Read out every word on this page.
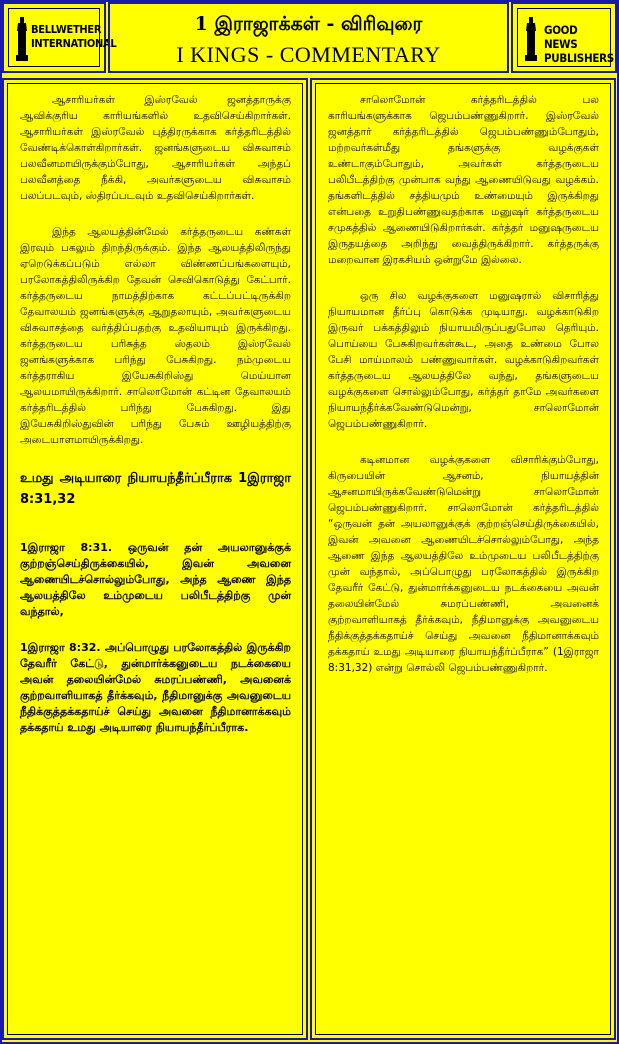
BELLWETHER
INTERNATIONAL
1 இராஜாக்கள் - விரிவுரை
I KINGS - COMMENTARY
GOOD NEWS
PUBLISHERS

ஆசாரியர்கள் இஸ்ரவேல் ஜனத்தாருக்கு ஆவிக்குரிய காரியங்களில் உதவிசெய்கிறார்கள். ஆசாரியர்கள் இஸ்ரவேல் புத்திரருக்காக கர்த்தரிடத்தில் வேண்டிக்கொள்கிறார்கள். ஜனங்களுடைய விசுவாசம் பலவீனமாயிருக்கும்போது, ஆசாரியர்கள் அந்தப் பலவீனத்தை நீக்கி, அவர்களுடைய விசுவாசம் பலப்படவும், ஸ்திரப்படவும் உதவிசெய்கிறார்கள்.

இந்த ஆலயத்தின்மேல் கர்த்தருடைய கண்கள் இரவும் பகலும் திறந்திருக்கும். இந்த ஆலயத்திலிருந்து ஏறெடுக்கப்படும் எல்லா விண்ணப்பங்களையும், பரலோகத்திலிருக்கிற தேவன் செவிகொடுத்து கேட்பார். கர்த்தருடைய நாமத்திற்காக கட்டப்பட்டிருக்கிற தேவாலயம் ஜனங்களுக்கு ஆறுதலாயும், அவர்களுடைய விசுவாசத்தை வர்த்திப்பதற்கு உதவியாயும் இருக்கிறது. கர்த்தருடைய பரிசுத்த ஸ்தலம் இஸ்ரவேல் ஜனங்களுக்காக பரிந்து பேசுகிறது. நம்முடைய கர்த்தராகிய இயேசுகிறிஸ்து மெய்யான ஆலயமாயிருக்கிறார். சாலொமோன் கட்டின தேவாலயம் கர்த்தரிடத்தில் பரிந்து பேசுகிறது. இது இயேசுகிறிஸ்துவின் பரிந்து பேசும் ஊழியத்திற்கு அடையாளமாயிருக்கிறது.

உமது அடியாரை நியாயந்தீர்ப்பீராக 1இராஜா 8:31,32

1இராஜா 8:31. ஒருவன் தன் அயலானுக்குக் குற்றஞ்செய்திருக்கையில், இவன் அவனை ஆணையிடச்சொல்லும்போது, அந்த ஆணை இந்த ஆலயத்திலே உம்முடைய பலிபீடத்திற்கு முன் வந்தால்,

1இராஜா 8:32. அப்பொழுது பரலோகத்தில் இருக்கிற தேவரீர் கேட்டு, துன்மார்க்கனுடைய நடக்கையை அவன் தலையின்மேல் சுமரப்பண்ணி, அவனைக் குற்றவாளியாகத் தீர்க்கவும், நீதிமானுக்கு அவனுடைய நீதிக்குத்தக்கதாய்ச் செய்து அவனை நீதிமானாக்கவும் தக்கதாய் உமது அடியாரை நியாயந்தீர்ப்பீராக.

சாலொமோன் கர்த்தரிடத்தில் பல காரியங்களுக்காக ஜெபம்பண்ணுகிறார். இஸ்ரவேல் ஜனத்தார் கர்த்தரிடத்தில் ஜெபம்பண்ணும்போதும், மற்றவர்கள்மீது தங்களுக்கு வழக்குகள் உண்டாகும்போதும், அவர்கள் கர்த்தருடைய பலிபீடத்திற்கு முன்பாக வந்து ஆணையிடுவது வழக்கம். தங்களிடத்தில் சத்தியமும் உண்மையும் இருக்கிறது என்பதை உறுதிபண்ணுவதற்காக மனுஷர் கர்த்தருடைய சமுகத்தில் ஆணையிடுகிறார்கள். கர்த்தர் மனுஷருடைய இருதயத்தை அறிந்து வைத்திருக்கிறார். கர்த்தருக்கு மறைவான இரகசியம் ஒன்றுமே இல்லை.

ஒரு சில வழக்குகளை மனுஷரால் விசாரித்து நியாயமான தீர்ப்பு கொடுக்க முடியாது. வழக்காடுகிற இருவர் பக்கத்திலும் நியாயமிருப்பதுபோல தெரியும். பொய்யை பேசுகிறவர்கள்கூட, அதை உண்மை போல பேசி மாய்மாலம் பண்ணுவார்கள். வழக்காடுகிறவர்கள் கர்த்தருடைய ஆலயத்திலே வந்து, தங்களுடைய வழக்குகளை சொல்லும்போது, கர்த்தர் தாமே அவர்களை நியாயந்தீர்க்கவேண்டுமென்று, சாலொமோன் ஜெபம்பண்ணுகிறார்.

கடினமான வழக்குகளை விசாரிக்கும்போது, கிருபையின் ஆசனம், நியாயத்தின் ஆசனமாயிருக்கவேண்டுமென்று சாலொமோன் ஜெபம்பண்ணுகிறார். சாலொமோன் கர்த்தரிடத்தில் “ஒருவன் தன் அயலானுக்குக் குற்றஞ்செய்திருக்கையில், இவன் அவனை ஆணையிடச்சொல்லும்போது, அந்த ஆணை இந்த ஆலயத்திலே உம்முடைய பலிபீடத்திற்கு முன் வந்தால், அப்பொழுது பரலோகத்தில் இருக்கிற தேவரீர் கேட்டு, துன்மார்க்கனுடைய நடக்கையை அவன் தலையின்மேல் சுமரப்பண்ணி, அவனைக் குற்றவாளியாகத் தீர்க்கவும், நீதிமானுக்கு அவனுடைய நீதிக்குத்தக்கதாய்ச் செய்து அவனை நீதிமானாக்கவும் தக்கதாய் உமது அடியாரை நியாயந்தீர்ப்பீராக” (1இராஜா 8:31,32) என்று சொல்லி ஜெபம்பண்ணுகிறார்.
